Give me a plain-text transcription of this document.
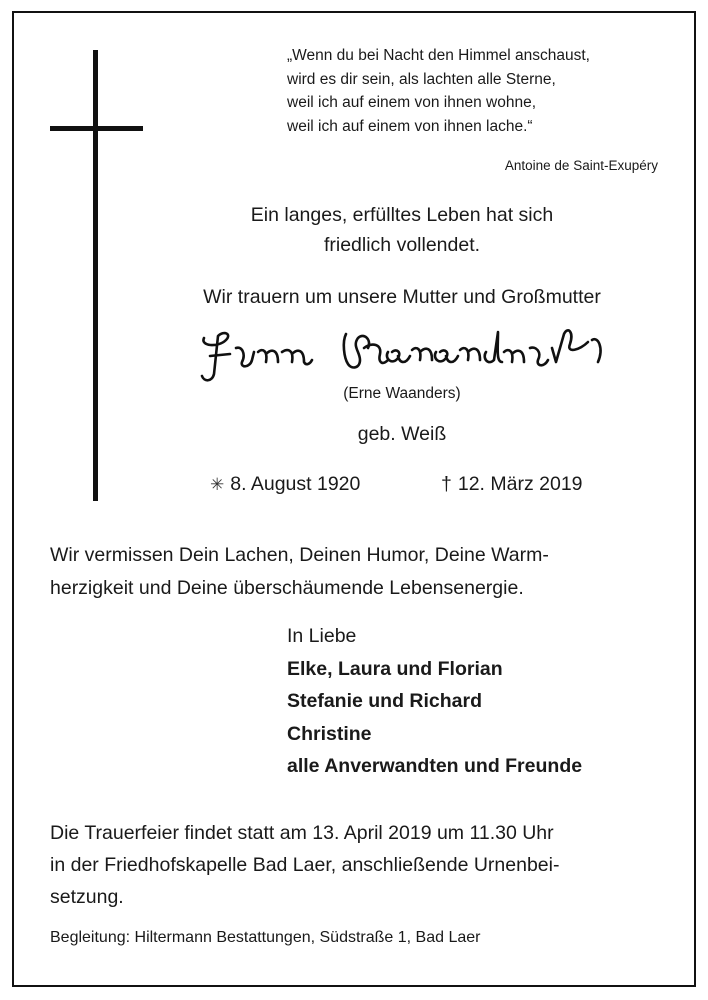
„Wenn du bei Nacht den Himmel anschaust,
wird es dir sein, als lachten alle Sterne,
weil ich auf einem von ihnen wohne,
weil ich auf einem von ihnen lache.“
Antoine de Saint-Exupéry
Ein langes, erfülltes Leben hat sich
friedlich vollendet.
Wir trauern um unsere Mutter und Großmutter
(Erne Waanders)
geb. Weiß
✳ 8. August 1920	† 12. März 2019
Wir vermissen Dein Lachen, Deinen Humor, Deine Warm-
herzigkeit und Deine überschäumende Lebensenergie.
In Liebe
Elke, Laura und Florian
Stefanie und Richard
Christine
alle Anverwandten und Freunde
Die Trauerfeier findet statt am 13. April 2019 um 11.30 Uhr
in der Friedhofskapelle Bad Laer, anschließende Urnenbei-
setzung.
Begleitung: Hiltermann Bestattungen, Südstraße 1, Bad Laer
